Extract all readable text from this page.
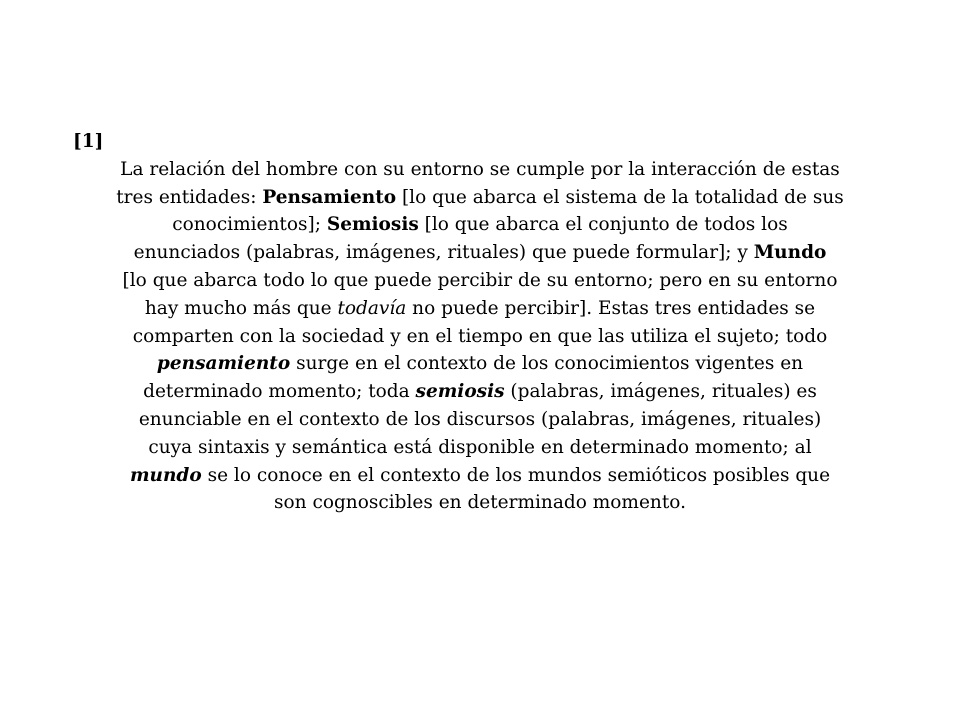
[1]
La relación del hombre con su entorno se cumple por la interacción de estas
tres entidades: Pensamiento [lo que abarca el sistema de la totalidad de sus
conocimientos]; Semiosis [lo que abarca el conjunto de todos los
enunciados (palabras, imágenes, rituales) que puede formular]; y Mundo
[lo que abarca todo lo que puede percibir de su entorno; pero en su entorno
hay mucho más que todavía no puede percibir]. Estas tres entidades se
comparten con la sociedad y en el tiempo en que las utiliza el sujeto; todo
pensamiento surge en el contexto de los conocimientos vigentes en
determinado momento; toda semiosis (palabras, imágenes, rituales) es
enunciable en el contexto de los discursos (palabras, imágenes, rituales)
cuya sintaxis y semántica está disponible en determinado momento; al
mundo se lo conoce en el contexto de los mundos semióticos posibles que
son cognoscibles en determinado momento.
